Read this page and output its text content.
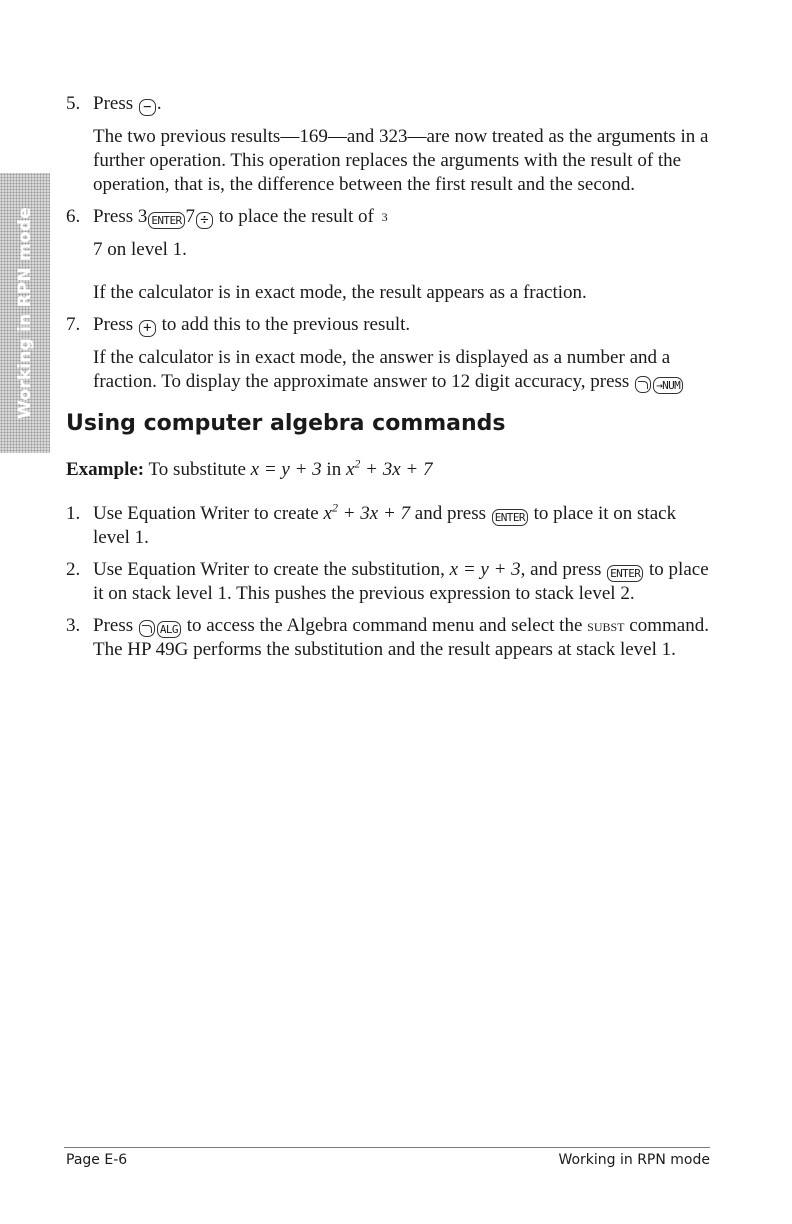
Working in RPN mode
5. Press − .

The two previous results—169—and 323—are now treated as the arguments in a further operation. This operation replaces the arguments with the result of the operation, that is, the difference between the first result and the second.

6. Press 3 ENTER 7 ÷ to place the result of 3

7 on level 1.

If the calculator is in exact mode, the result appears as a fraction.

7. Press + to add this to the previous result.

If the calculator is in exact mode, the answer is displayed as a number and a fraction. To display the approximate answer to 12 digit accuracy, press →NUM

Using computer algebra commands

Example: To substitute x = y + 3 in $x^2 + 3x + 7$

1. Use Equation Writer to create $x^2 + 3x + 7$ and press ENTER to place it on stack level 1.

2. Use Equation Writer to create the substitution, x = y + 3, and press ENTER to place it on stack level 1. This pushes the previous expression to stack level 2.

3. Press ALG to access the Algebra command menu and select the subst command. The HP 49G performs the substitution and the result appears at stack level 1.

Page E-6	Working in RPN mode
